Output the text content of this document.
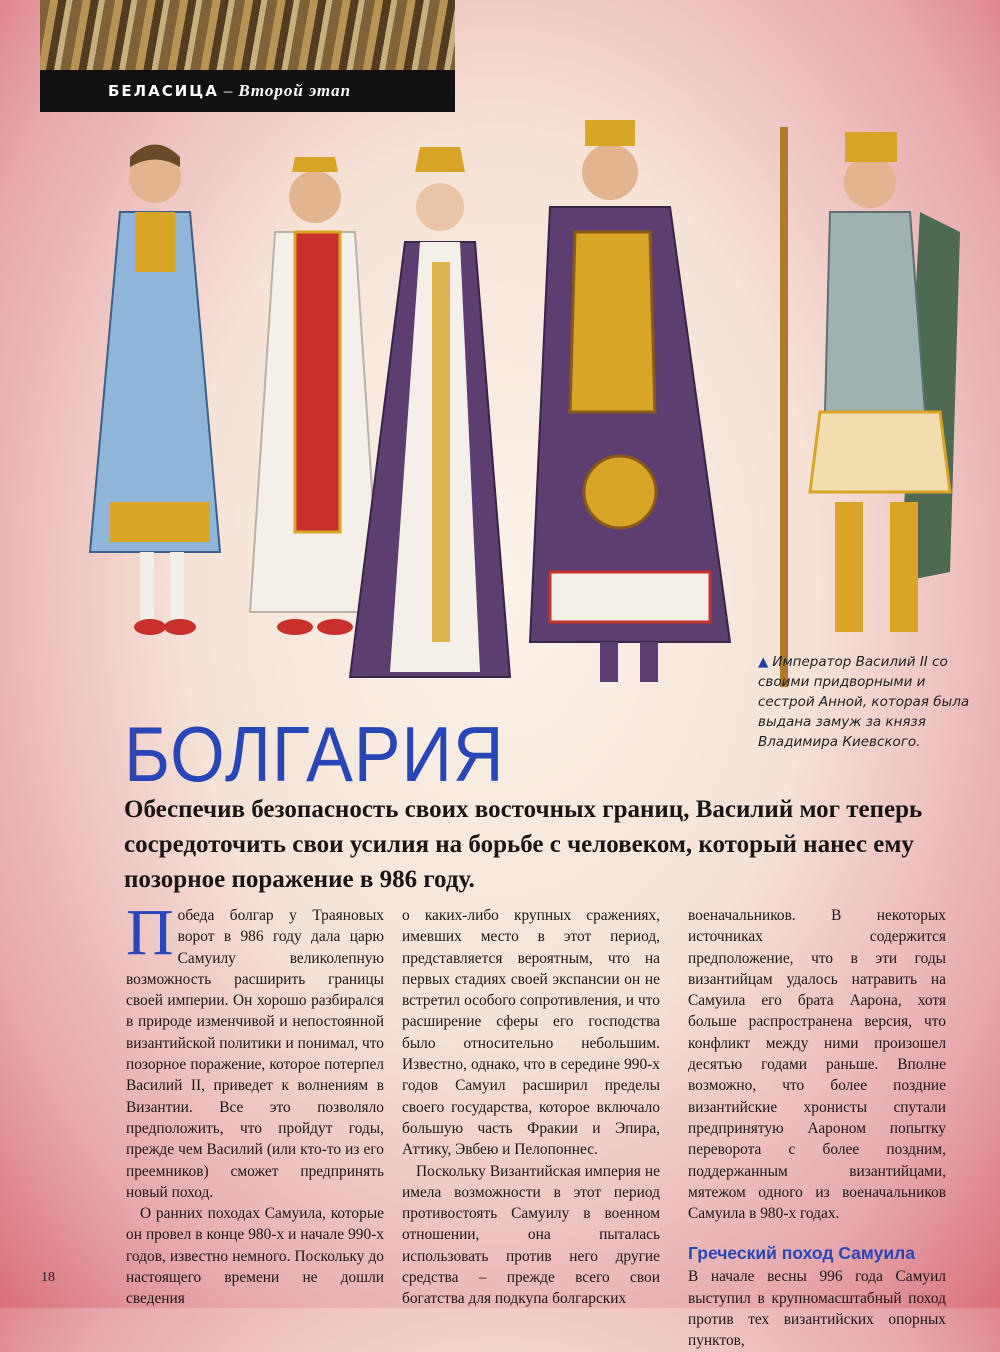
БЕЛАСИЦА – Второй этап
▲ Император Василий II со своими придворными и сестрой Анной, которая была выдана замуж за князя Владимира Киевского.
БОЛГАРИЯ

Обеспечив безопасность своих восточных границ, Василий мог теперь сосредоточить свои усилия на борьбе с человеком, который нанес ему позорное поражение в 986 году.

Победа болгар у Траяновых ворот в 986 году дала царю Самуилу великолепную возможность расширить границы своей империи. Он хорошо разбирался в природе изменчивой и непостоянной византийской политики и понимал, что позорное поражение, которое потерпел Василий II, приведет к волнениям в Византии. Все это позволяло предположить, что пройдут годы, прежде чем Василий (или кто-то из его преемников) сможет предпринять новый поход.

О ранних походах Самуила, которые он провел в конце 980-х и начале 990-х годов, известно немного. Поскольку до настоящего времени не дошли сведения

о каких-либо крупных сражениях, имевших место в этот период, представляется вероятным, что на первых стадиях своей экспансии он не встретил особого сопротивления, и что расширение сферы его господства было относительно небольшим. Известно, однако, что в середине 990-х годов Самуил расширил пределы своего государства, которое включало большую часть Фракии и Эпира, Аттику, Эвбею и Пелопоннес.

Поскольку Византийская империя не имела возможности в этот период противостоять Самуилу в военном отношении, она пыталась использовать против него другие средства – прежде всего свои богатства для подкупа болгарских

военачальников. В некоторых источниках содержится предположение, что в эти годы византийцам удалось натравить на Самуила его брата Аарона, хотя больше распространена версия, что конфликт между ними произошел десятью годами раньше. Вполне возможно, что более поздние византийские хронисты спутали предпринятую Аароном попытку переворота с более поздним, поддержанным византийцами, мятежом одного из военачальников Самуила в 980-х годах.

Греческий поход Самуила

В начале весны 996 года Самуил выступил в крупномасштабный поход против тех византийских опорных пунктов,

18
